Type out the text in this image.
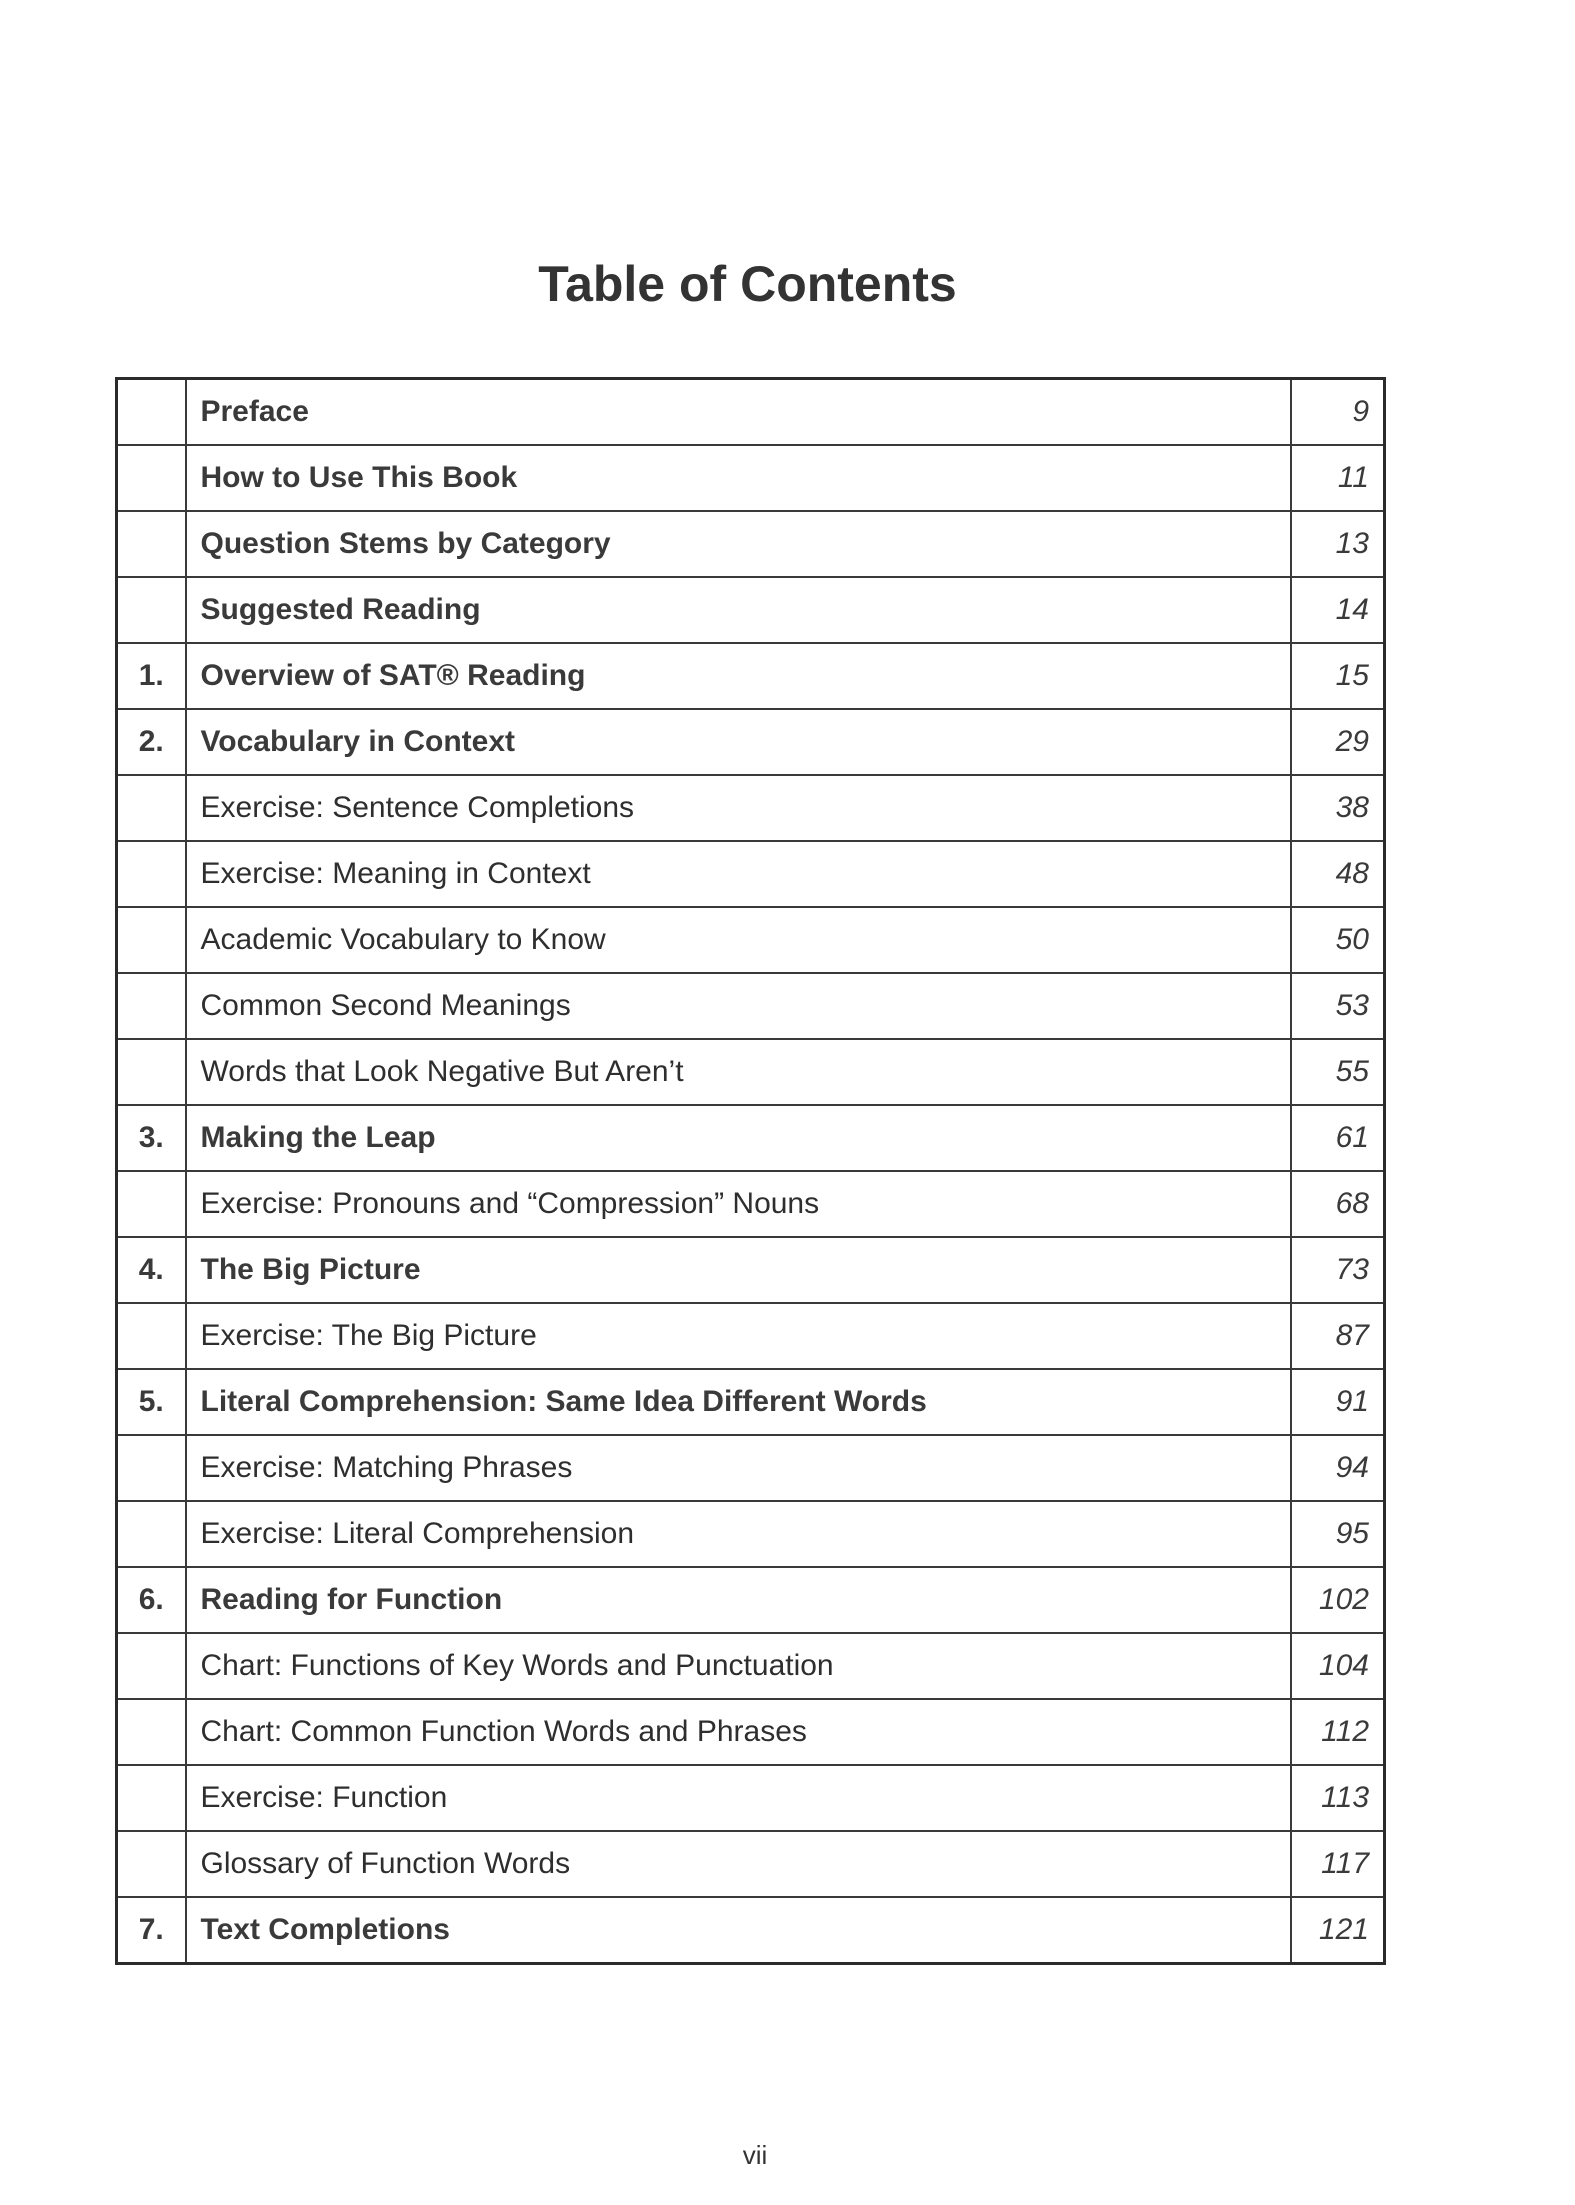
Table of Contents
	Preface	9
	How to Use This Book	11
	Question Stems by Category	13
	Suggested Reading	14
1.	Overview of SAT® Reading	15
2.	Vocabulary in Context	29
	Exercise: Sentence Completions	38
	Exercise: Meaning in Context	48
	Academic Vocabulary to Know	50
	Common Second Meanings	53
	Words that Look Negative But Aren’t	55
3.	Making the Leap	61
	Exercise: Pronouns and “Compression” Nouns	68
4.	The Big Picture	73
	Exercise: The Big Picture	87
5.	Literal Comprehension: Same Idea Different Words	91
	Exercise: Matching Phrases	94
	Exercise: Literal Comprehension	95
6.	Reading for Function	102
	Chart: Functions of Key Words and Punctuation	104
	Chart: Common Function Words and Phrases	112
	Exercise: Function	113
	Glossary of Function Words	117
7.	Text Completions	121
vii
